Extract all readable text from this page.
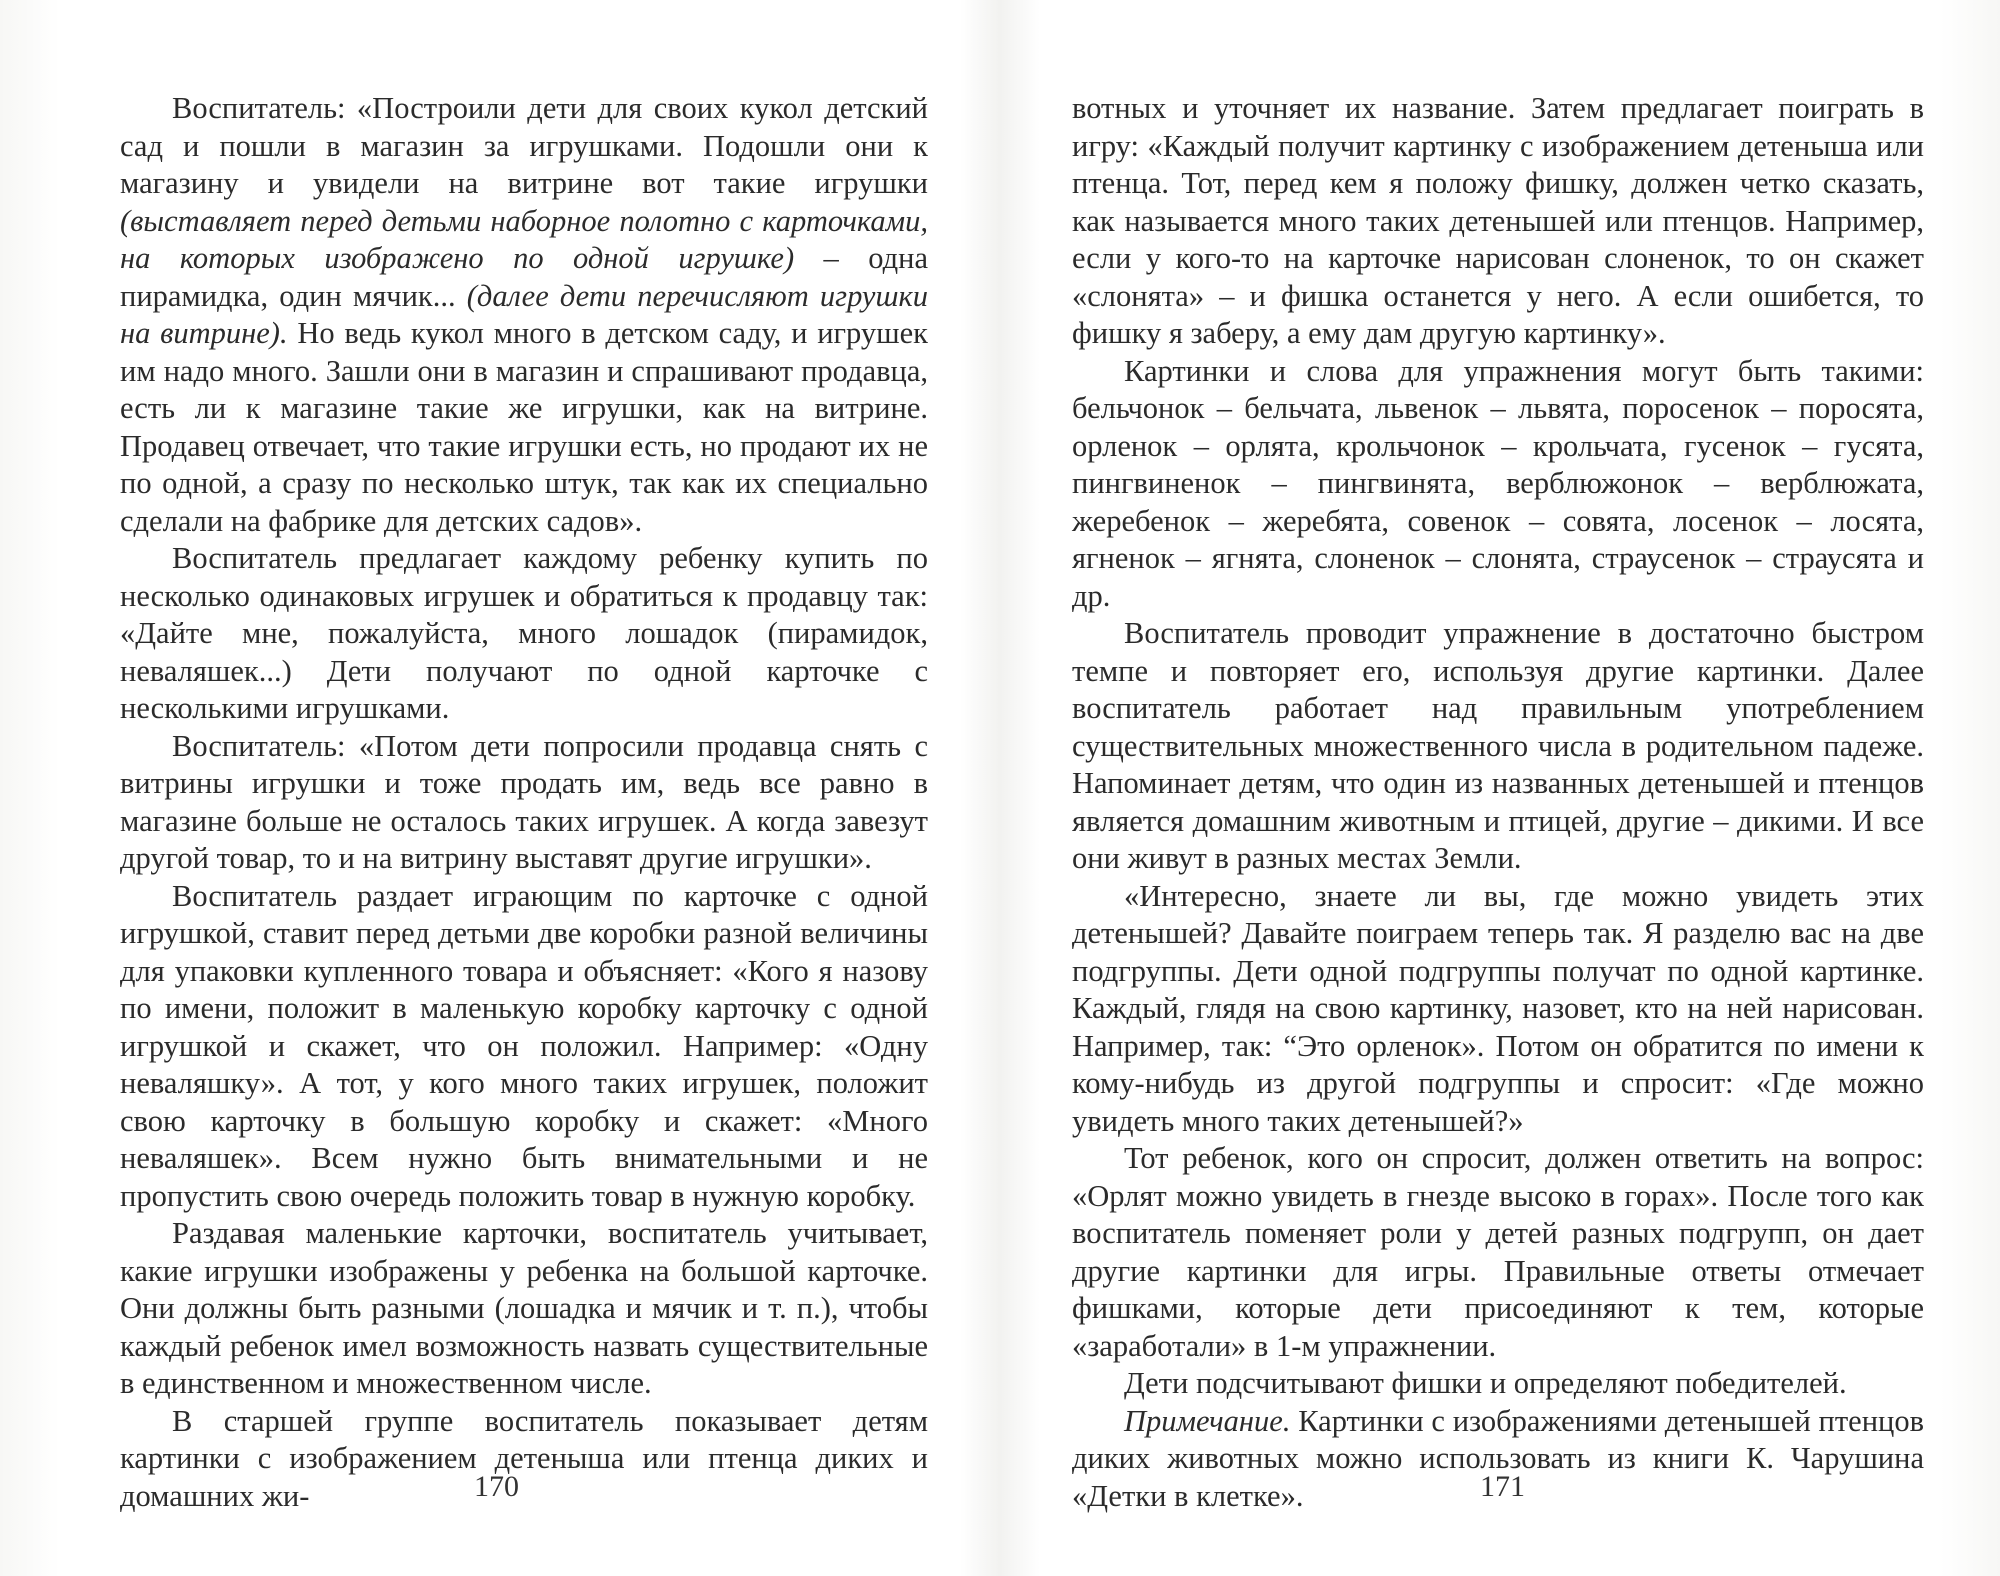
Воспитатель: «Построили дети для своих кукол детский сад и пошли в магазин за игрушками. Подошли они к магазину и увидели на витрине вот такие игрушки (выставляет перед детьми наборное полотно с карточками, на которых изображено по одной игрушке) – одна пирамидка, один мячик... (далее дети перечисляют игрушки на витрине). Но ведь кукол много в детском саду, и игрушек им надо много. Зашли они в магазин и спрашивают продавца, есть ли к магазине такие же игрушки, как на витрине. Продавец отвечает, что такие игрушки есть, но продают их не по одной, а сразу по несколько штук, так как их специально сделали на фабрике для детских садов».

Воспитатель предлагает каждому ребенку купить по несколько одинаковых игрушек и обратиться к продавцу так: «Дайте мне, пожалуйста, много лошадок (пирамидок, неваляшек...) Дети получают по одной карточке с несколькими игрушками.

Воспитатель: «Потом дети попросили продавца снять с витрины игрушки и тоже продать им, ведь все равно в магазине больше не осталось таких игрушек. А когда завезут другой товар, то и на витрину выставят другие игрушки».

Воспитатель раздает играющим по карточке с одной игрушкой, ставит перед детьми две коробки разной величины для упаковки купленного товара и объясняет: «Кого я назову по имени, положит в маленькую коробку карточку с одной игрушкой и скажет, что он положил. Например: «Одну неваляшку». А тот, у кого много таких игрушек, положит свою карточку в большую коробку и скажет: «Много неваляшек». Всем нужно быть внимательными и не пропустить свою очередь положить товар в нужную коробку.

Раздавая маленькие карточки, воспитатель учитывает, какие игрушки изображены у ребенка на большой карточке. Они должны быть разными (лошадка и мячик и т. п.), чтобы каждый ребенок имел возможность назвать существительные в единственном и множественном числе.

В старшей группе воспитатель показывает детям картинки с изображением детеныша или птенца диких и домашних жи-

вотных и уточняет их название. Затем предлагает поиграть в игру: «Каждый получит картинку с изображением детеныша или птенца. Тот, перед кем я положу фишку, должен четко сказать, как называется много таких детенышей или птенцов. Например, если у кого-то на карточке нарисован слоненок, то он скажет «слонята» – и фишка останется у него. А если ошибется, то фишку я заберу, а ему дам другую картинку».

Картинки и слова для упражнения могут быть такими: бельчонок – бельчата, львенок – львята, поросенок – поросята, орленок – орлята, крольчонок – крольчата, гусенок – гусята, пингвиненок – пингвинята, верблюжонок – верблюжата, жеребенок – жеребята, совенок – совята, лосенок – лосята, ягненок – ягнята, слоненок – слонята, страусенок – страусята и др.

Воспитатель проводит упражнение в достаточно быстром темпе и повторяет его, используя другие картинки. Далее воспитатель работает над правильным употреблением существительных множественного числа в родительном падеже. Напоминает детям, что один из названных детенышей и птенцов является домашним животным и птицей, другие – дикими. И все они живут в разных местах Земли.

«Интересно, знаете ли вы, где можно увидеть этих детенышей? Давайте поиграем теперь так. Я разделю вас на две подгруппы. Дети одной подгруппы получат по одной картинке. Каждый, глядя на свою картинку, назовет, кто на ней нарисован. Например, так: “Это орленок». Потом он обратится по имени к кому-нибудь из другой подгруппы и спросит: «Где можно увидеть много таких детенышей?»

Тот ребенок, кого он спросит, должен ответить на вопрос: «Орлят можно увидеть в гнезде высоко в горах». После того как воспитатель поменяет роли у детей разных подгрупп, он дает другие картинки для игры. Правильные ответы отмечает фишками, которые дети присоединяют к тем, которые «заработали» в 1-м упражнении.

Дети подсчитывают фишки и определяют победителей.

Примечание. Картинки с изображениями детенышей птенцов диких животных можно использовать из книги К. Чарушина «Детки в клетке».

170	171
